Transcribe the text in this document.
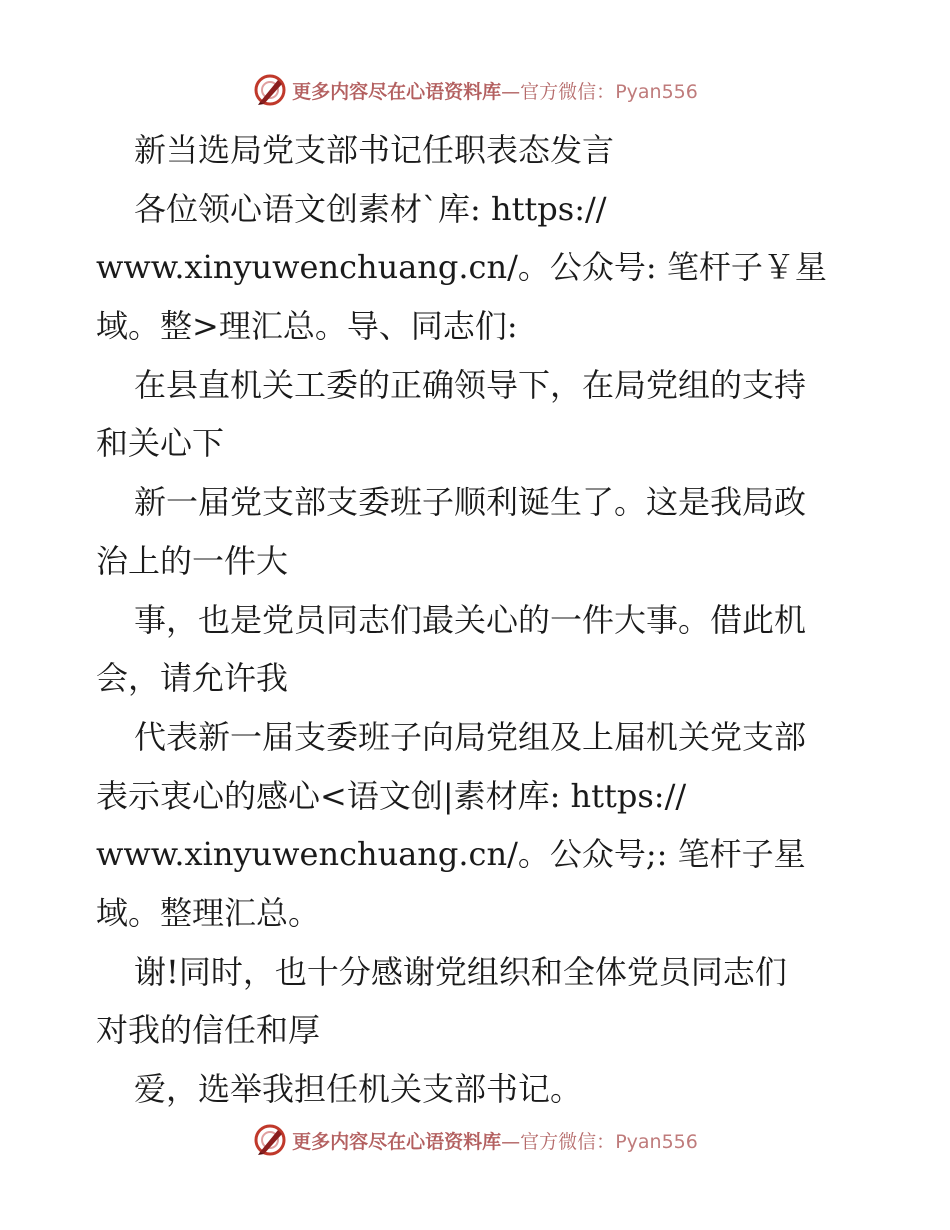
更多内容尽在心语资料库—官方微信：Pyan556
新当选局党支部书记任职表态发言
各位领心语文创素材`库: https://
www.xinyuwenchuang.cn/。公众号: 笔杆子￥星
域。整>理汇总。导、同志们:
在县直机关工委的正确领导下，在局党组的支持
和关心下
新一届党支部支委班子顺利诞生了。这是我局政
治上的一件大
事，也是党员同志们最关心的一件大事。借此机
会，请允许我
代表新一届支委班子向局党组及上届机关党支部
表示衷心的感心<语文创|素材库: https://
www.xinyuwenchuang.cn/。公众号;: 笔杆子星
域。整理汇总。
谢!同时，也十分感谢党组织和全体党员同志们
对我的信任和厚
爱，选举我担任机关支部书记。
更多内容尽在心语资料库—官方微信：Pyan556
